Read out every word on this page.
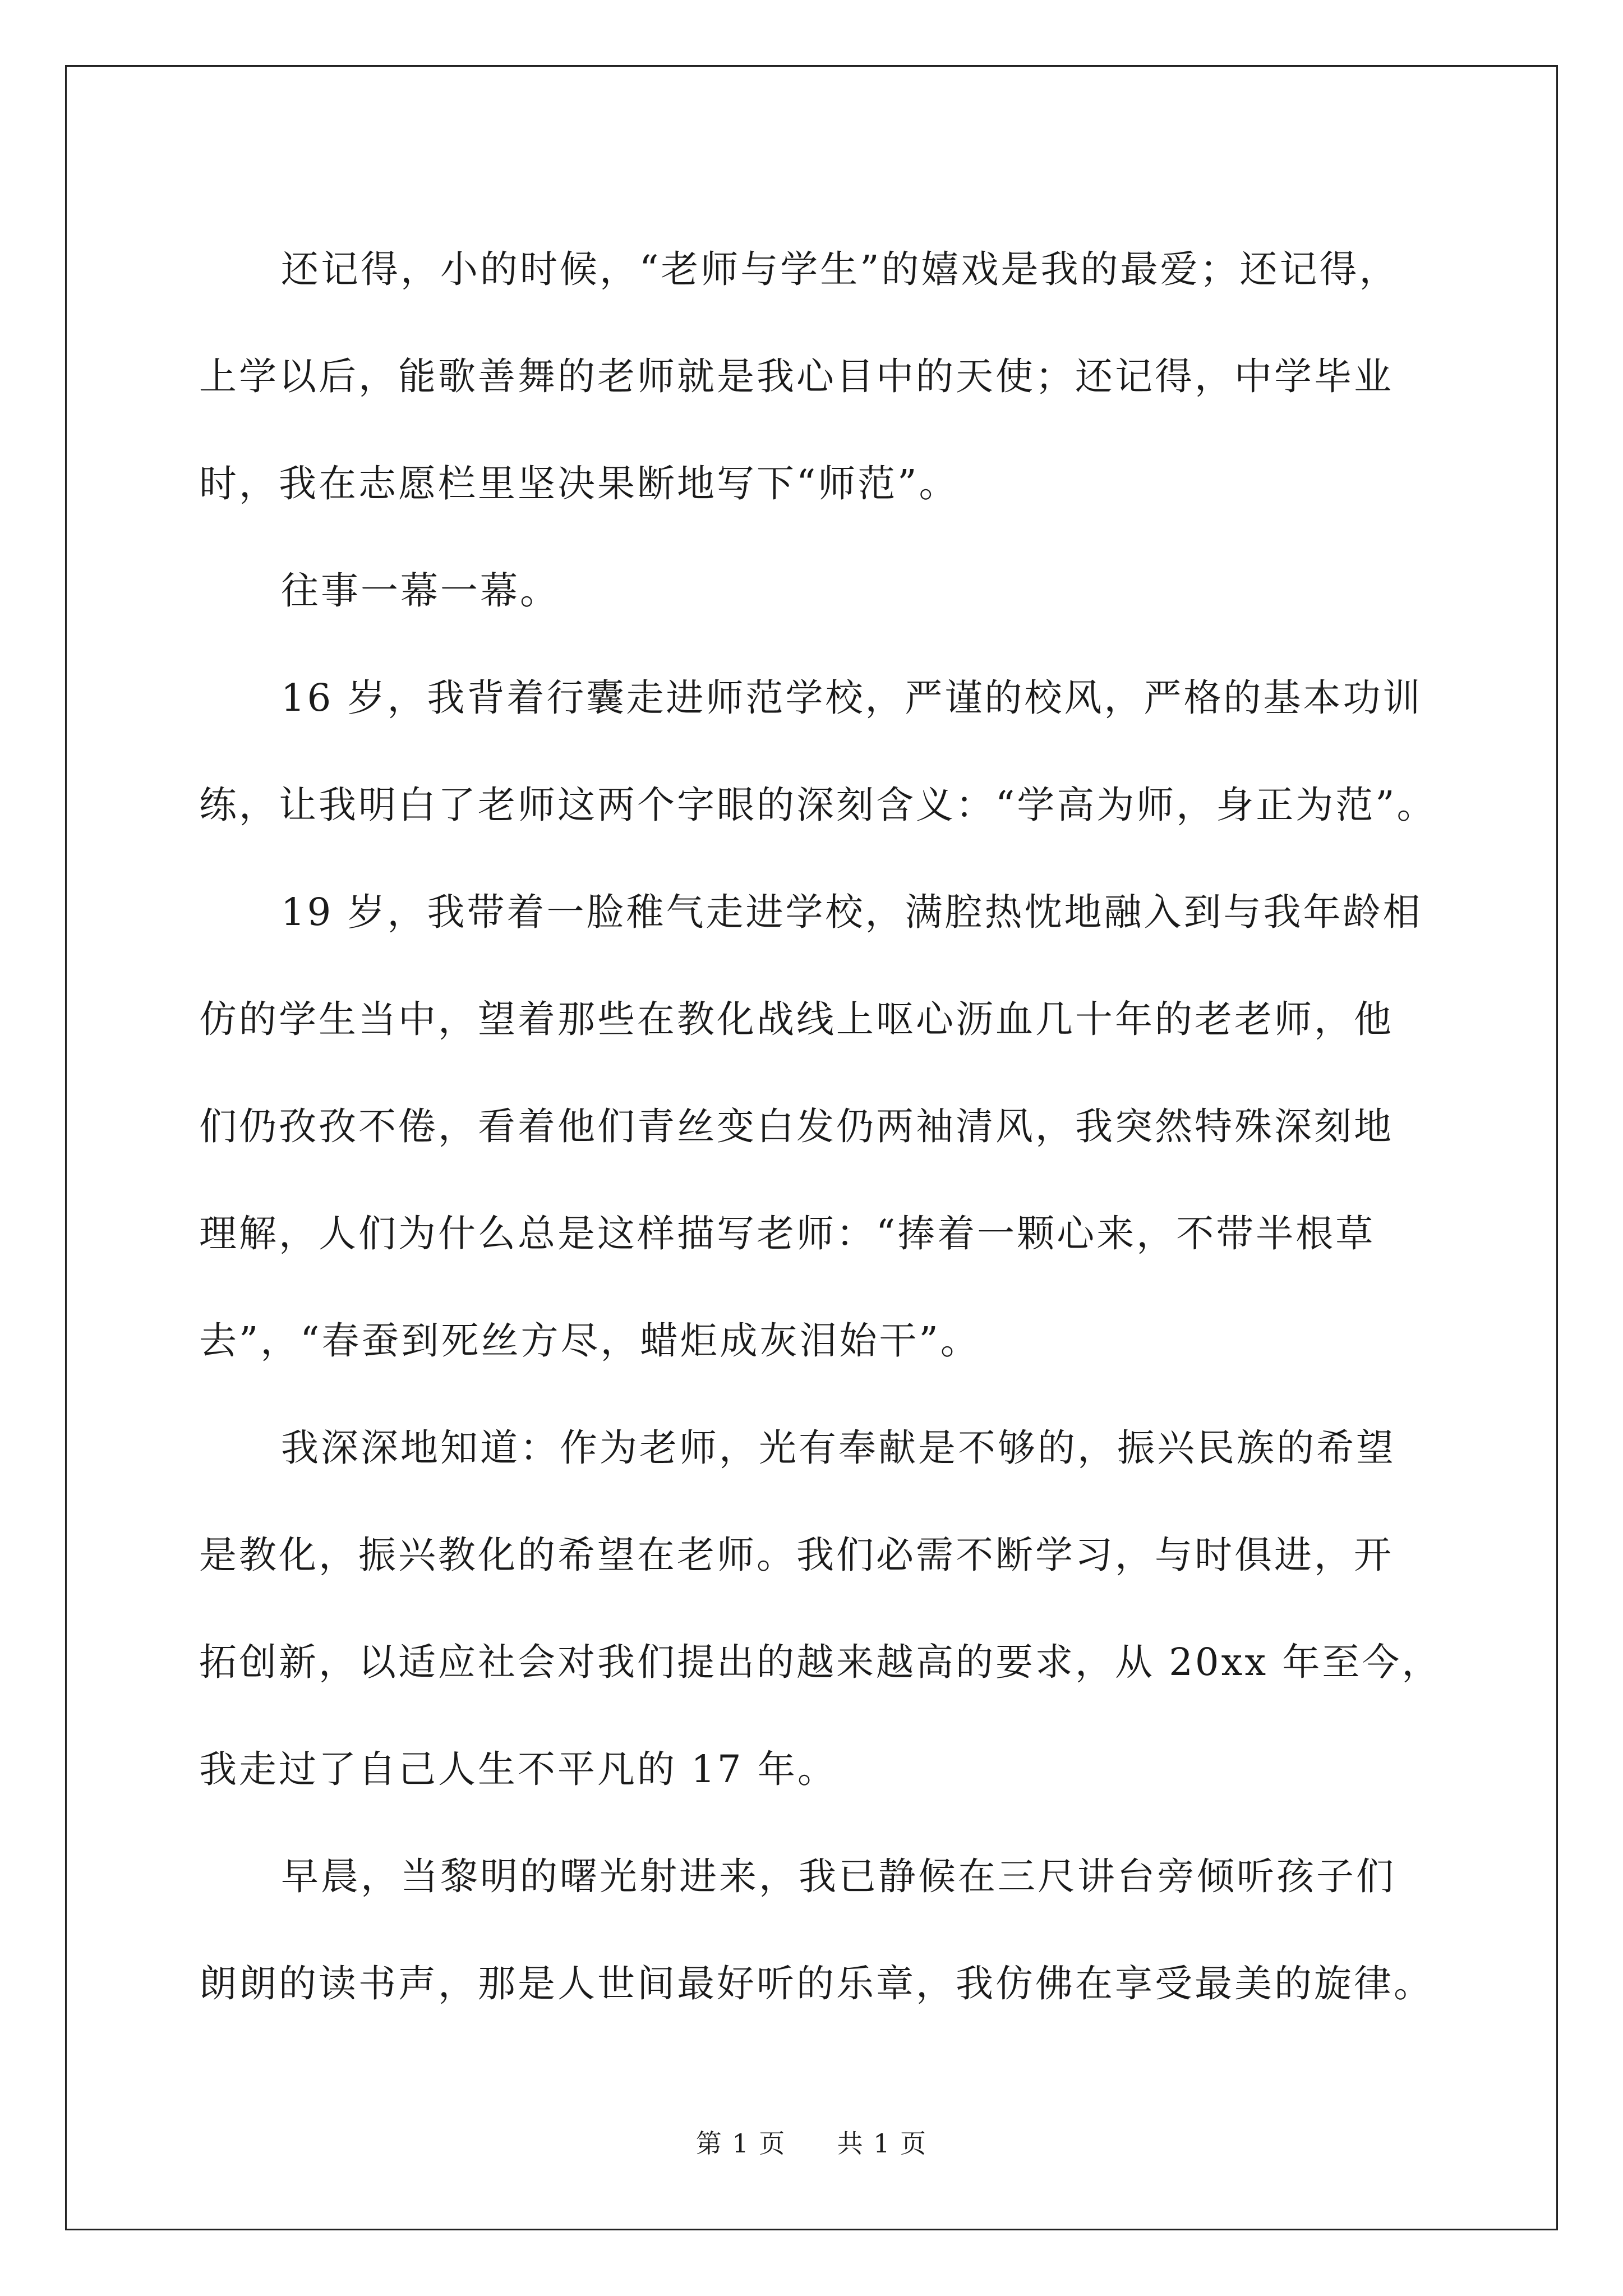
还记得，小的时候，“老师与学生”的嬉戏是我的最爱；还记得，
上学以后，能歌善舞的老师就是我心目中的天使；还记得，中学毕业
时，我在志愿栏里坚决果断地写下“师范”。

往事一幕一幕。

16 岁，我背着行囊走进师范学校，严谨的校风，严格的基本功训
练，让我明白了老师这两个字眼的深刻含义：“学高为师，身正为范”。

19 岁，我带着一脸稚气走进学校，满腔热忱地融入到与我年龄相
仿的学生当中，望着那些在教化战线上呕心沥血几十年的老老师，他
们仍孜孜不倦，看着他们青丝变白发仍两袖清风，我突然特殊深刻地
理解，人们为什么总是这样描写老师：“捧着一颗心来，不带半根草
去”，“春蚕到死丝方尽，蜡炬成灰泪始干”。

我深深地知道：作为老师，光有奉献是不够的，振兴民族的希望
是教化，振兴教化的希望在老师。我们必需不断学习，与时俱进，开
拓创新，以适应社会对我们提出的越来越高的要求，从 20xx 年至今，
我走过了自己人生不平凡的 17 年。

早晨，当黎明的曙光射进来，我已静候在三尺讲台旁倾听孩子们
朗朗的读书声，那是人世间最好听的乐章，我仿佛在享受最美的旋律。

第 1 页 共 1 页
